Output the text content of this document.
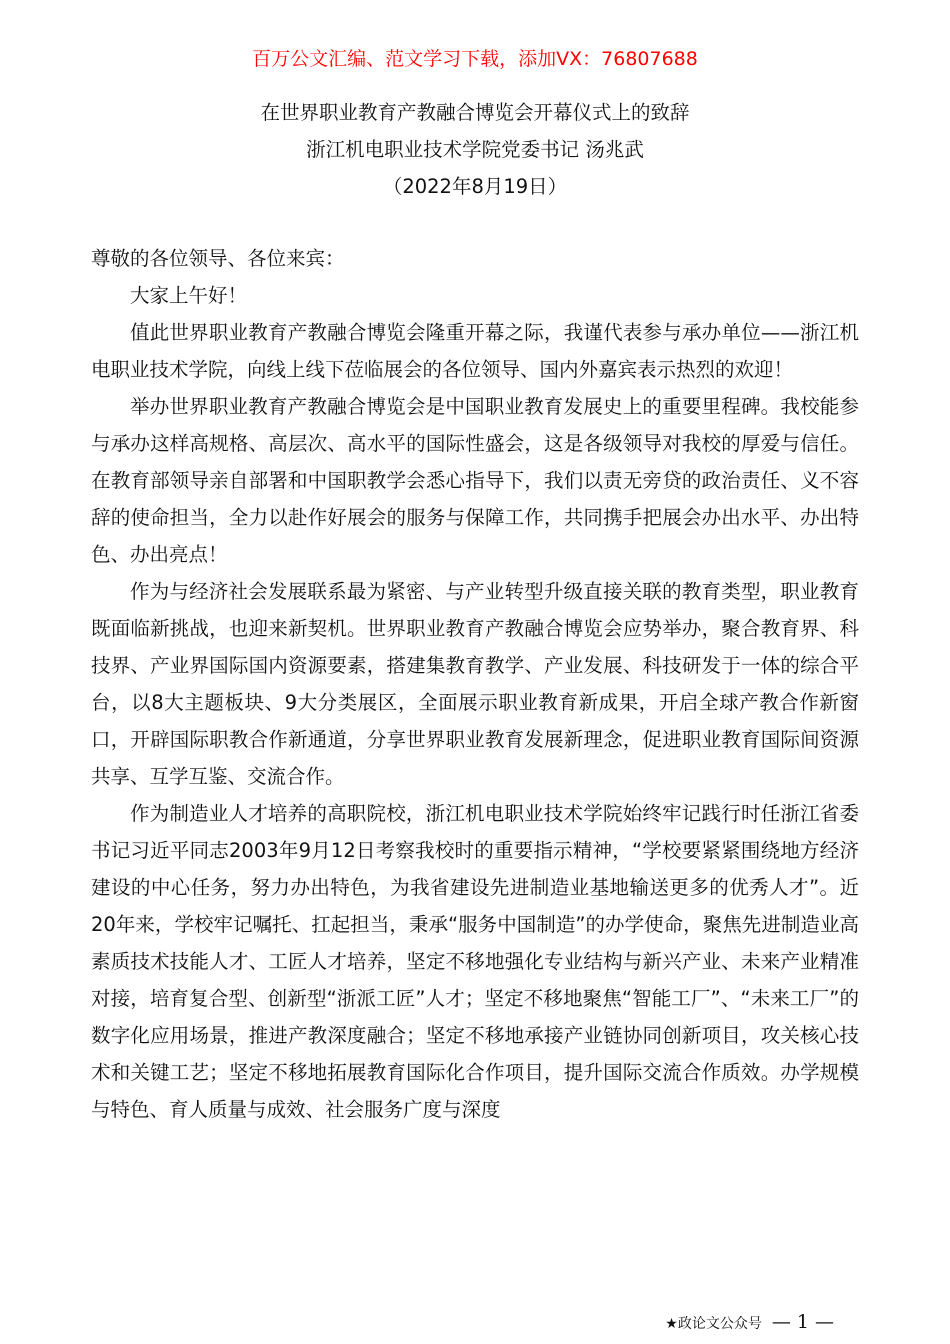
百万公文汇编、范文学习下载，添加VX：76807688
在世界职业教育产教融合博览会开幕仪式上的致辞
浙江机电职业技术学院党委书记 汤兆武
（2022年8月19日）

尊敬的各位领导、各位来宾：

大家上午好！

值此世界职业教育产教融合博览会隆重开幕之际，我谨代表参与承办单位——浙江机电职业技术学院，向线上线下莅临展会的各位领导、国内外嘉宾表示热烈的欢迎！

举办世界职业教育产教融合博览会是中国职业教育发展史上的重要里程碑。我校能参与承办这样高规格、高层次、高水平的国际性盛会，这是各级领导对我校的厚爱与信任。在教育部领导亲自部署和中国职教学会悉心指导下，我们以责无旁贷的政治责任、义不容辞的使命担当，全力以赴作好展会的服务与保障工作，共同携手把展会办出水平、办出特色、办出亮点！

作为与经济社会发展联系最为紧密、与产业转型升级直接关联的教育类型，职业教育既面临新挑战，也迎来新契机。世界职业教育产教融合博览会应势举办，聚合教育界、科技界、产业界国际国内资源要素，搭建集教育教学、产业发展、科技研发于一体的综合平台，以8大主题板块、9大分类展区，全面展示职业教育新成果，开启全球产教合作新窗口，开辟国际职教合作新通道，分享世界职业教育发展新理念，促进职业教育国际间资源共享、互学互鉴、交流合作。

作为制造业人才培养的高职院校，浙江机电职业技术学院始终牢记践行时任浙江省委书记习近平同志2003年9月12日考察我校时的重要指示精神，“学校要紧紧围绕地方经济建设的中心任务，努力办出特色，为我省建设先进制造业基地输送更多的优秀人才”。近20年来，学校牢记嘱托、扛起担当，秉承“服务中国制造”的办学使命，聚焦先进制造业高素质技术技能人才、工匠人才培养，坚定不移地强化专业结构与新兴产业、未来产业精准对接，培育复合型、创新型“浙派工匠”人才；坚定不移地聚焦“智能工厂”、“未来工厂”的数字化应用场景，推进产教深度融合；坚定不移地承接产业链协同创新项目，攻关核心技术和关键工艺；坚定不移地拓展教育国际化合作项目，提升国际交流合作质效。办学规模与特色、育人质量与成效、社会服务广度与深度

★政论文公众号 — 1 —
